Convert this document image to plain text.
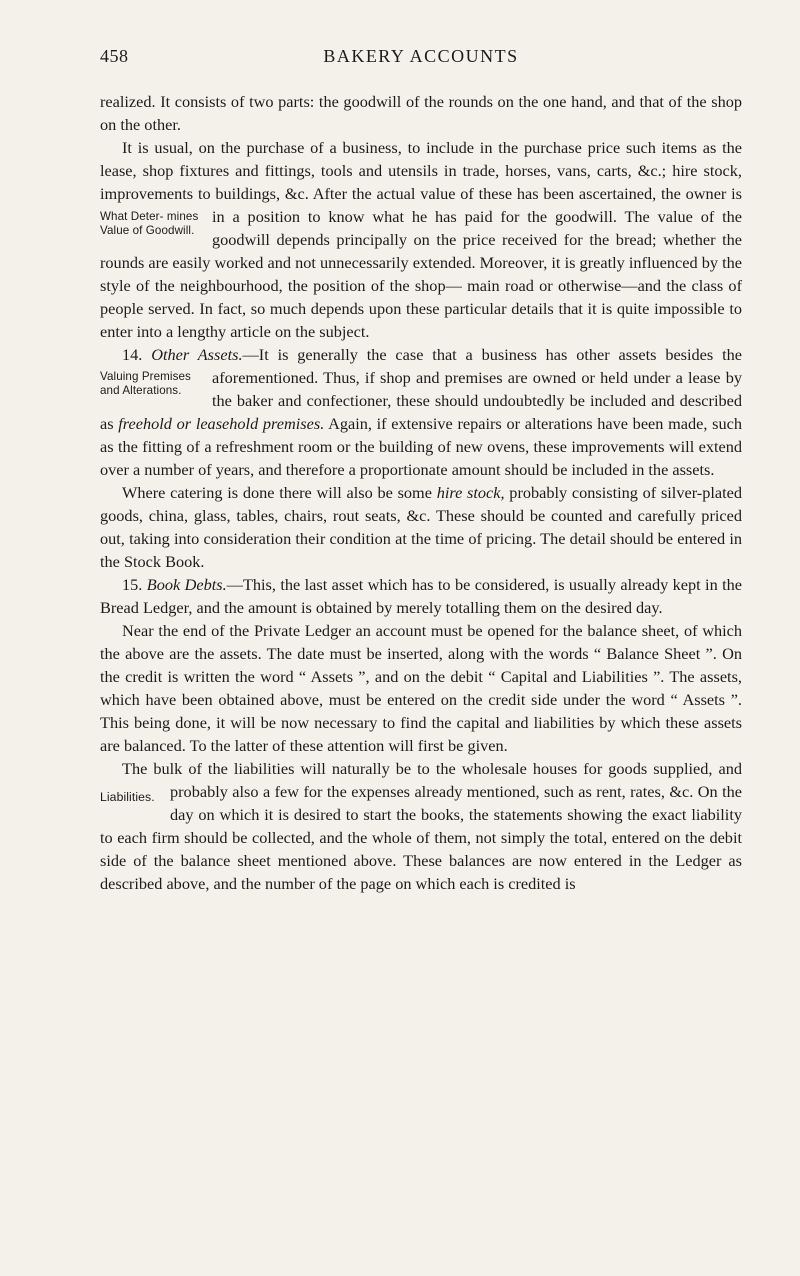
458	BAKERY ACCOUNTS

realized. It consists of two parts: the goodwill of the rounds on the one hand, and that of the shop on the other.

It is usual, on the purchase of a business, to include in the purchase price such items as the lease, shop fixtures and fittings, tools and utensils in trade, horses, vans, carts, &c.; hire stock, improvements to buildings, &c. After the actual value of these has been ascertained, the owner is in a position to know what he has paid for the goodwill. The value
What Deter- mines Value of Goodwill.
of the goodwill depends principally on the price received for the bread; whether the rounds are easily worked and not unnecessarily extended. Moreover, it is greatly influenced by the style of the neighbourhood, the position of the shop— main road or otherwise—and the class of people served. In fact, so much depends upon these particular details that it is quite impossible to enter into a lengthy article on the subject.

14. Other Assets.—It is generally the case that a business has other assets besides the aforementioned. Thus, if shop and premises are owned
Valuing Premises and Alterations.
or held under a lease by the baker and confectioner, these should undoubtedly be included and described as freehold or leasehold premises. Again, if extensive repairs or alterations have been made, such as the fitting of a refreshment room or the building of new ovens, these improvements will extend over a number of years, and therefore a proportionate amount should be included in the assets.

Where catering is done there will also be some hire stock, probably consisting of silver-plated goods, china, glass, tables, chairs, rout seats, &c. These should be counted and carefully priced out, taking into consideration their condition at the time of pricing. The detail should be entered in the Stock Book.

15. Book Debts.—This, the last asset which has to be considered, is usually already kept in the Bread Ledger, and the amount is obtained by merely totalling them on the desired day.

Near the end of the Private Ledger an account must be opened for the balance sheet, of which the above are the assets. The date must be inserted, along with the words “ Balance Sheet ”. On the credit is written the word “ Assets ”, and on the debit “ Capital and Liabilities ”. The assets, which have been obtained above, must be entered on the credit side under the word “ Assets ”. This being done, it will be now necessary to find the capital and liabilities by which these assets are balanced. To the latter of these attention will first be given.

The bulk of the liabilities will naturally be to the wholesale houses for goods supplied, and probably also a few for the expenses already
Liabilities.	mentioned, such as rent, rates, &c. On the day on which it is desired to start the books, the statements showing the exact liability to each firm should be collected, and the whole of them, not simply the total, entered on the debit side of the balance sheet mentioned above. These balances are now entered in the Ledger as described above, and the number of the page on which each is credited is
